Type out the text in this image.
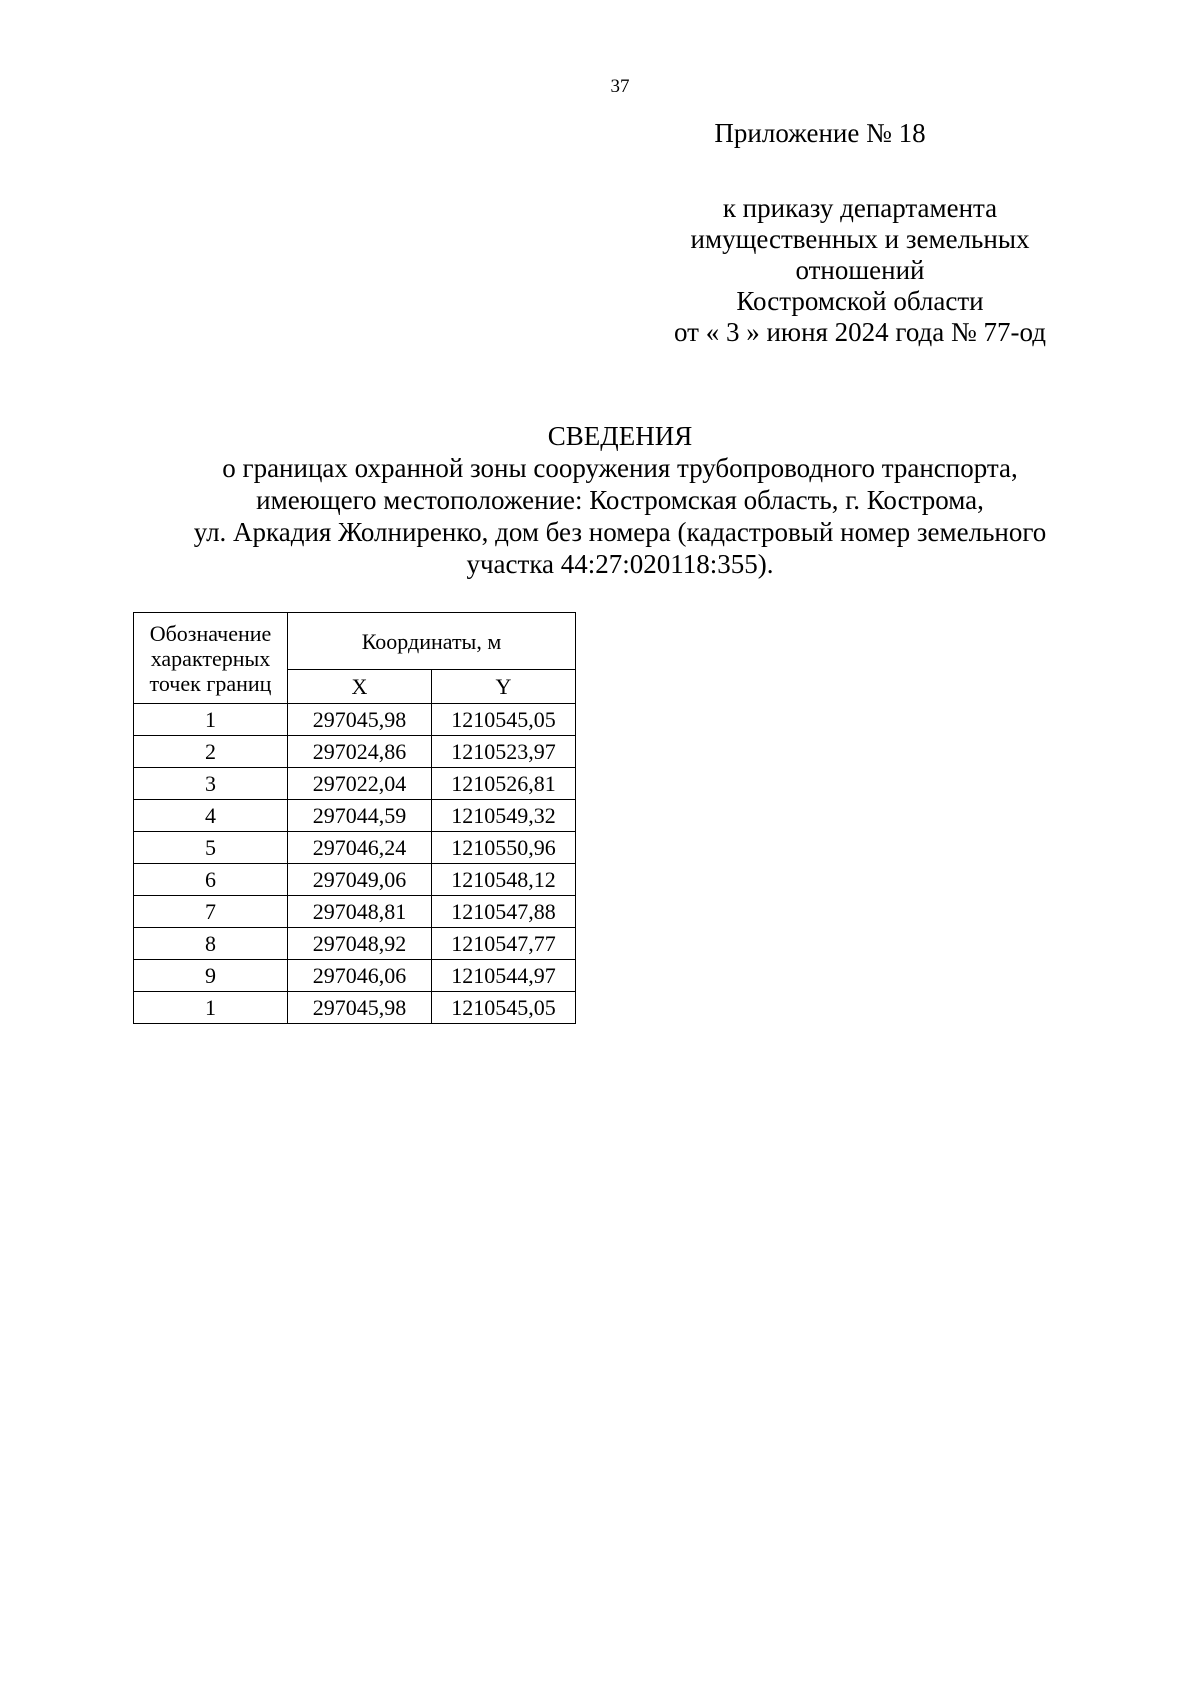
37
Приложение № 18
к приказу департамента
имущественных и земельных
отношений
Костромской области
от « 3 » июня 2024 года № 77-од
СВЕДЕНИЯ
о границах охранной зоны сооружения трубопроводного транспорта,
имеющего местоположение: Костромская область, г. Кострома,
ул. Аркадия Жолниренко, дом без номера (кадастровый номер земельного
участка 44:27:020118:355).
Обозначение
характерных
точек границ	Координаты, м	
	X	Y
1	297045,98	1210545,05
2	297024,86	1210523,97
3	297022,04	1210526,81
4	297044,59	1210549,32
5	297046,24	1210550,96
6	297049,06	1210548,12
7	297048,81	1210547,88
8	297048,92	1210547,77
9	297046,06	1210544,97
1	297045,98	1210545,05
